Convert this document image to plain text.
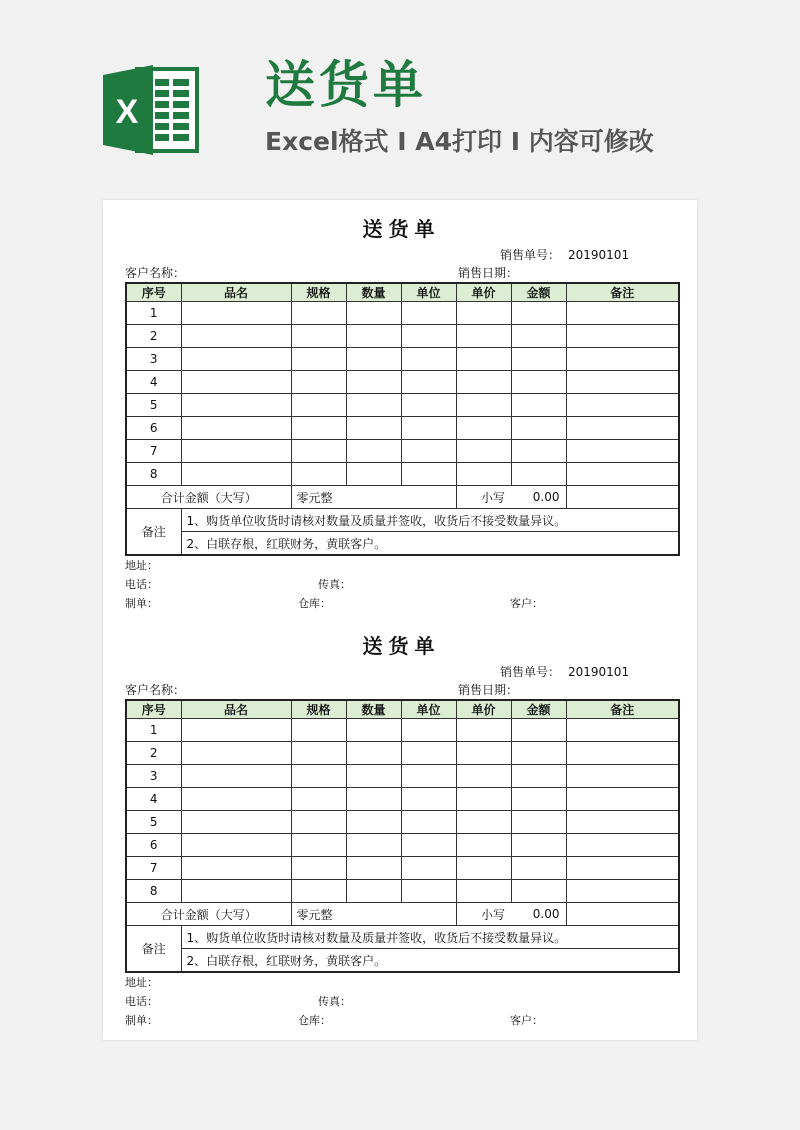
X	送货单
Excel格式 I A4打印 I 内容可修改
送货单
销售单号： 20190101
客户名称：	销售日期：
序号	品名	规格	数量	单位	单价	金额	备注
1							
2							
3							
4							
5							
6							
7							
8							
合计金额（大写）		零元整			小写	0.00	
备注	1、购货单位收货时请核对数量及质量并签收，收货后不接受数量异议。						
	2、白联存根，红联财务，黄联客户。						
地址：
电话：	传真：
制单：	仓库：	客户：
送货单
销售单号： 20190101
客户名称：	销售日期：
序号	品名	规格	数量	单位	单价	金额	备注
1							
2							
3							
4							
5							
6							
7							
8							
合计金额（大写）		零元整			小写	0.00	
备注	1、购货单位收货时请核对数量及质量并签收，收货后不接受数量异议。						
	2、白联存根，红联财务，黄联客户。						
地址：
电话：	传真：
制单：	仓库：	客户：
